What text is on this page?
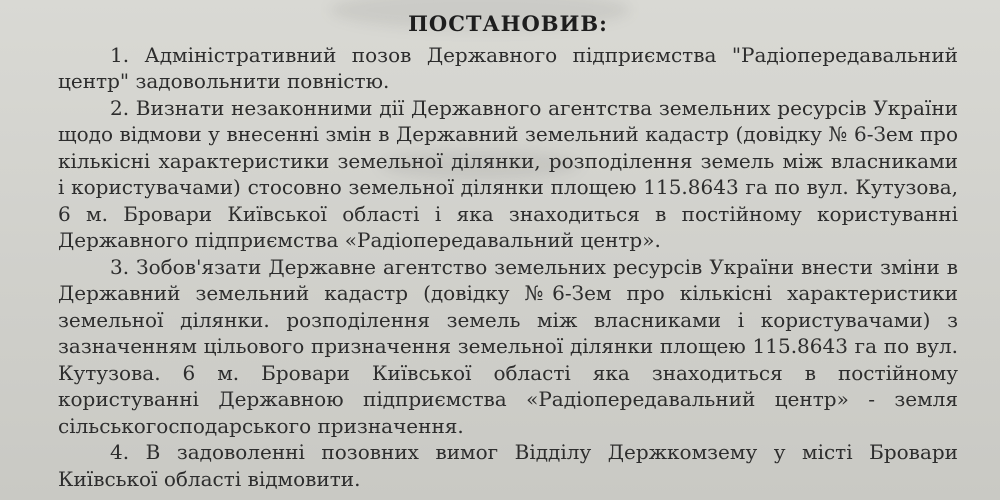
ПОСТАНОВИВ:

1. Адміністративний позов Державного підприємства "Радіопередавальний центр" задовольнити повністю.

2. Визнати незаконними дії Державного агентства земельних ресурсів України щодо відмови у внесенні змін в Державний земельний кадастр (довідку № 6-Зем про кількісні характеристики земельної ділянки, розподілення земель між власниками і користувачами) стосовно земельної ділянки площею 115.8643 га по вул. Кутузова, 6 м. Бровари Київської області і яка знаходиться в постійному користуванні Державного підприємства «Радіопередавальний центр».

3. Зобов'язати Державне агентство земельних ресурсів України внести зміни в Державний земельний кадастр (довідку №6-Зем про кількісні характеристики земельної ділянки. розподілення земель між власниками і користувачами) з зазначенням цільового призначення земельної ділянки площею 115.8643 га по вул. Кутузова. 6 м. Бровари Київської області яка знаходиться в постійному користуванні Державною підприємства «Радіопередавальний центр» - земля сільськогосподарського призначення.

4. В задоволенні позовних вимог Відділу Держкомзему у місті Бровари Київської області відмовити.
